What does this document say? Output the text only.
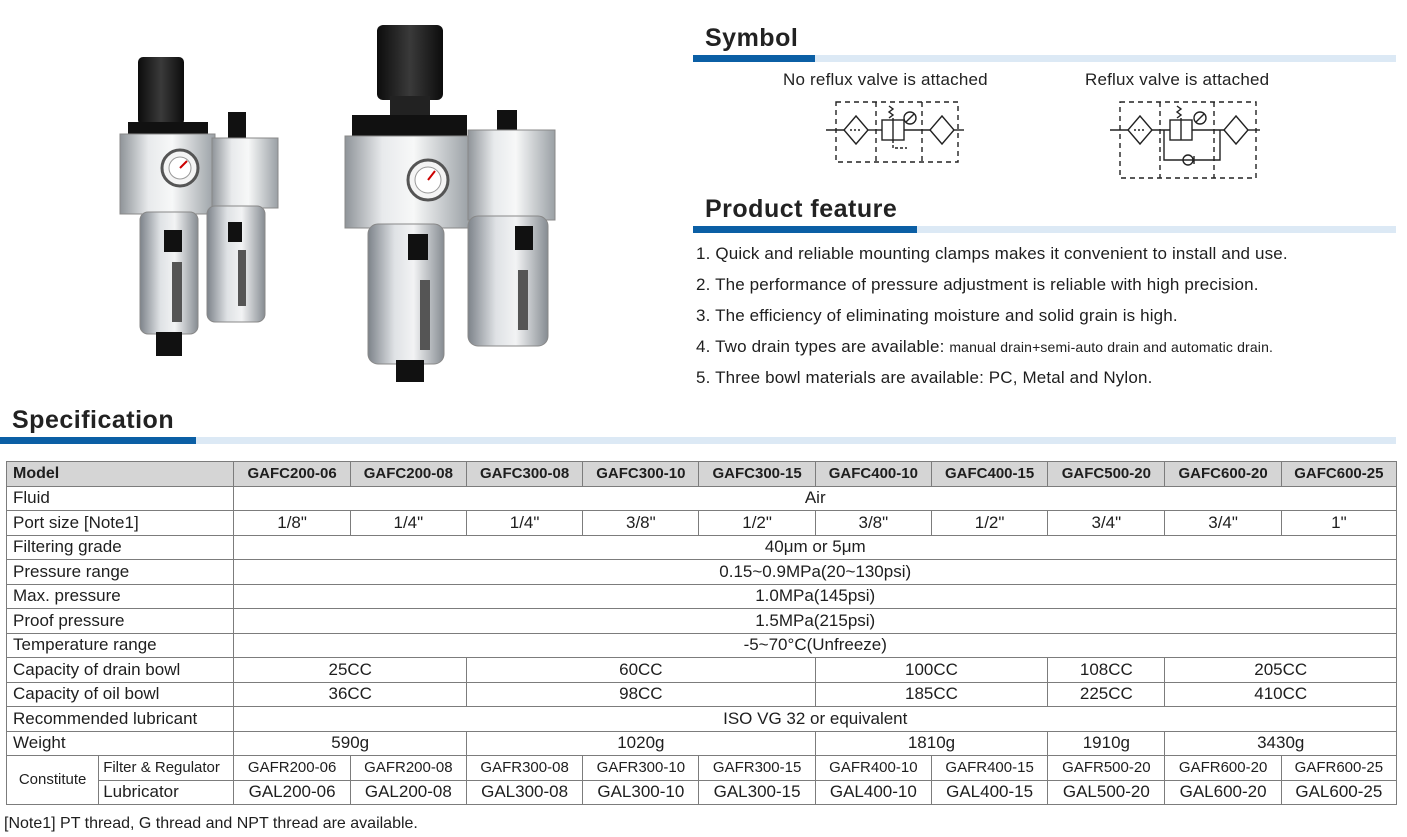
Symbol
No reflux valve is attached	Reflux valve is attached
Product feature
1. Quick and reliable mounting clamps makes it convenient to install and use.
2. The performance of pressure adjustment is reliable with high precision.
3. The efficiency of eliminating moisture and solid grain is high.
4. Two drain types are available: manual drain+semi-auto drain and automatic drain.
5. Three bowl materials are available: PC, Metal and Nylon.
Specification
Model		GAFC200-06	GAFC200-08	GAFC300-08	GAFC300-10	GAFC300-15	GAFC400-10	GAFC400-15	GAFC500-20	GAFC600-20	GAFC600-25
Fluid		Air									
Port size [Note1]		1/8"	1/4"	1/4"	3/8"	1/2"	3/8"	1/2"	3/4"	3/4"	1"
Filtering grade		40μm or 5μm									
Pressure range		0.15~0.9MPa(20~130psi)									
Max. pressure		1.0MPa(145psi)									
Proof pressure		1.5MPa(215psi)									
Temperature range		-5~70°C(Unfreeze)									
Capacity of drain bowl		25CC		60CC			100CC		108CC	205CC	
Capacity of oil bowl		36CC		98CC			185CC		225CC	410CC	
Recommended lubricant		ISO VG 32 or equivalent									
Weight		590g		1020g			1810g		1910g	3430g	
Constitute	Filter & Regulator	GAFR200-06	GAFR200-08	GAFR300-08	GAFR300-10	GAFR300-15	GAFR400-10	GAFR400-15	GAFR500-20	GAFR600-20	GAFR600-25
	Lubricator	GAL200-06	GAL200-08	GAL300-08	GAL300-10	GAL300-15	GAL400-10	GAL400-15	GAL500-20	GAL600-20	GAL600-25
[Note1] PT thread, G thread and NPT thread are available.
